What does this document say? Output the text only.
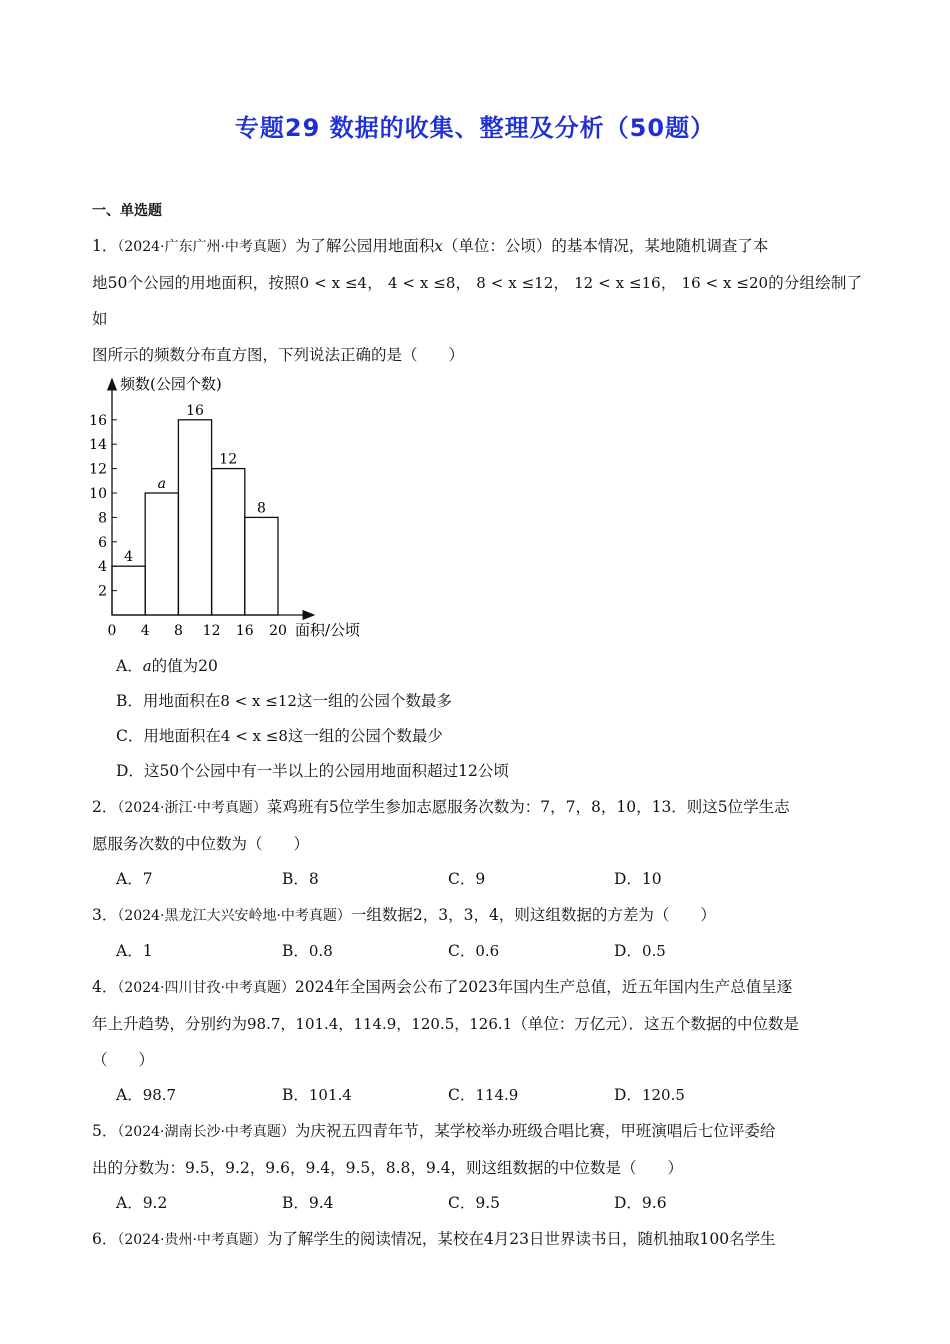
专题29 数据的收集、整理及分析（50题）
一、单选题
1．（2024·广东广州·中考真题）为了解公园用地面积x（单位：公顷）的基本情况，某地随机调查了本
地50个公园的用地面积，按照0 < x ≤4， 4 < x ≤8， 8 < x ≤12， 12 < x ≤16， 16 < x ≤20的分组绘制了如
图所示的频数分布直方图，下列说法正确的是（　　）
2
4
6
8
10
12
14
16
0 4 8 12 16 20
4
a
16
12
8
频数(公园个数)
面积/公顷
A．a的值为20
B．用地面积在8 < x ≤12这一组的公园个数最多
C．用地面积在4 < x ≤8这一组的公园个数最少
D．这50个公园中有一半以上的公园用地面积超过12公顷
2．（2024·浙江·中考真题）菜鸡班有5位学生参加志愿服务次数为：7，7，8，10，13．则这5位学生志
愿服务次数的中位数为（　　）
A．7	B．8	C．9	D．10
3．（2024·黑龙江大兴安岭地·中考真题）一组数据2，3，3，4，则这组数据的方差为（　　）
A．1	B．0.8	C．0.6	D．0.5
4．（2024·四川甘孜·中考真题）2024年全国两会公布了2023年国内生产总值，近五年国内生产总值呈逐
年上升趋势，分别约为98.7，101.4，114.9，120.5，126.1（单位：万亿元）．这五个数据的中位数是
（　　）
A．98.7	B．101.4	C．114.9	D．120.5
5．（2024·湖南长沙·中考真题）为庆祝五四青年节，某学校举办班级合唱比赛，甲班演唱后七位评委给
出的分数为：9.5，9.2，9.6，9.4，9.5，8.8，9.4，则这组数据的中位数是（　　）
A．9.2	B．9.4	C．9.5	D．9.6
6．（2024·贵州·中考真题）为了解学生的阅读情况，某校在4月23日世界读书日，随机抽取100名学生
